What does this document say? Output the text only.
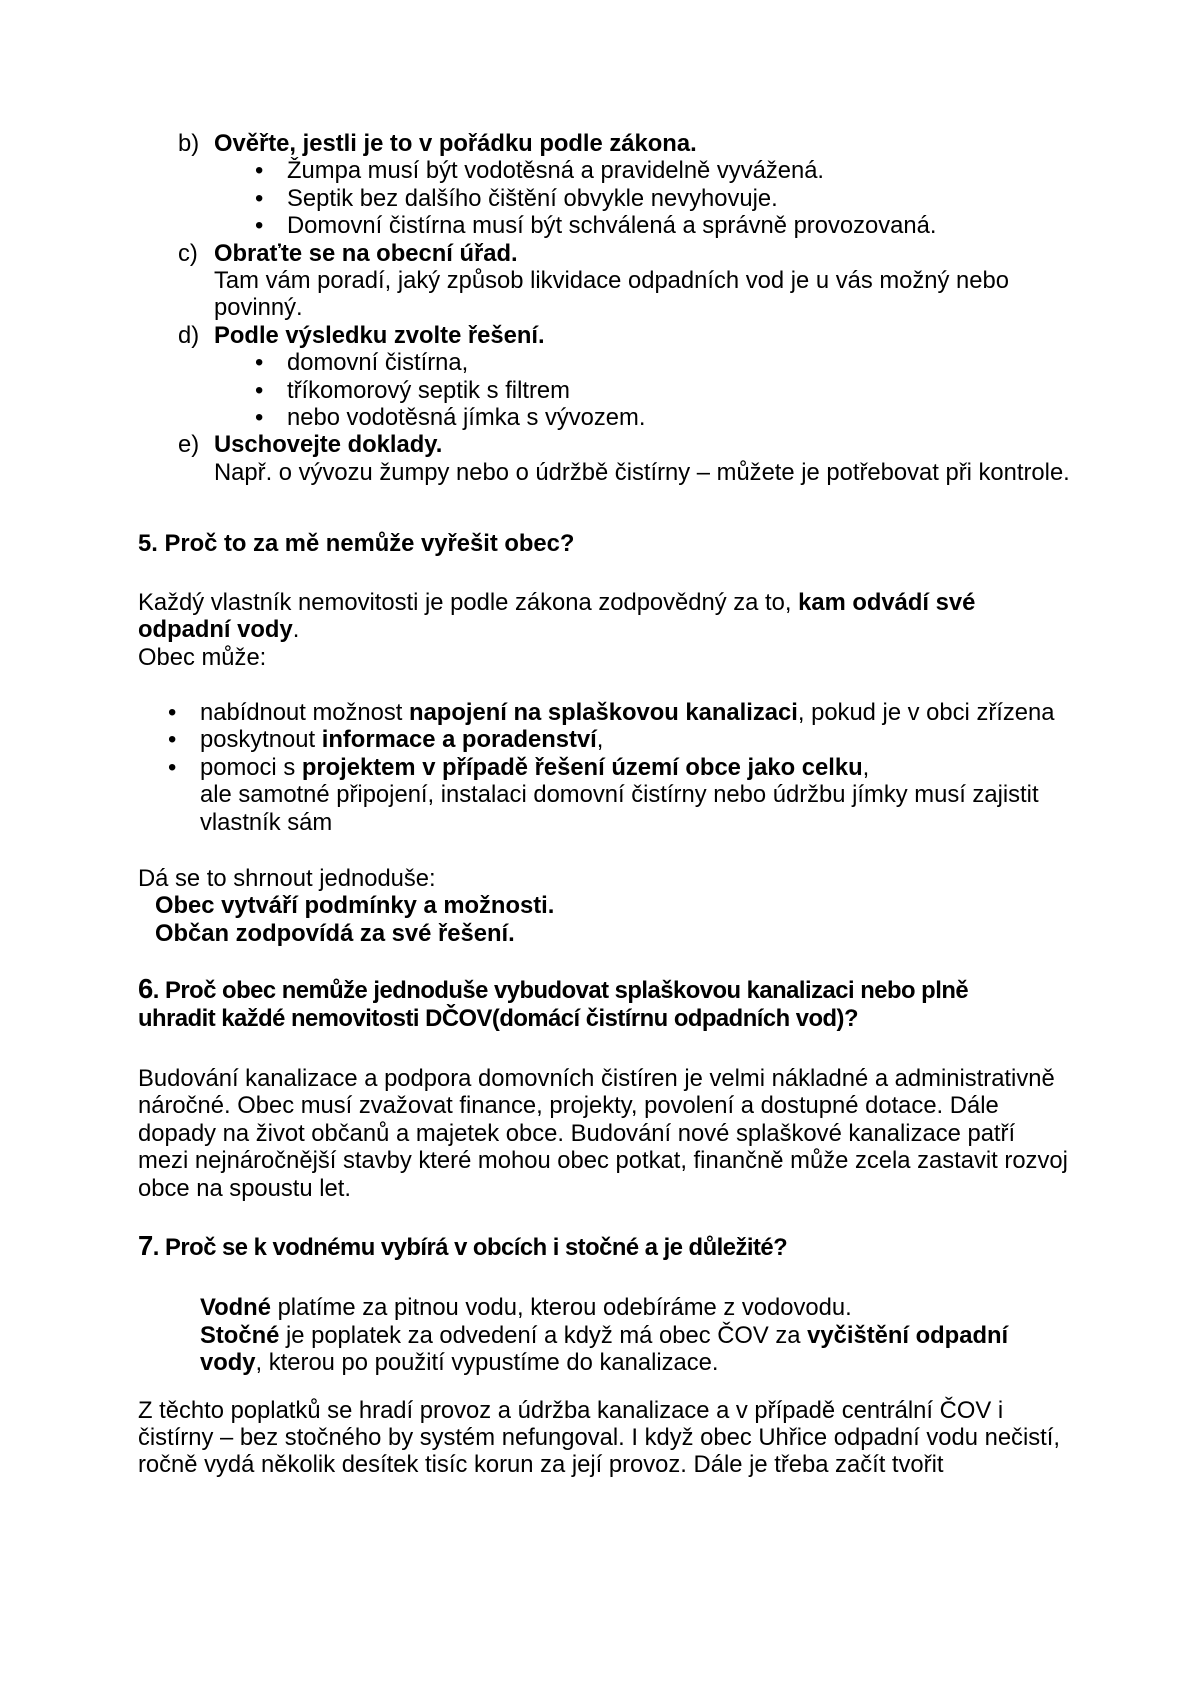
b) Ověřte, jestli je to v pořádku podle zákona.
• Žumpa musí být vodotěsná a pravidelně vyvážená.
• Septik bez dalšího čištění obvykle nevyhovuje.
• Domovní čistírna musí být schválená a správně provozovaná.
c) Obraťte se na obecní úřad.
Tam vám poradí, jaký způsob likvidace odpadních vod je u vás možný nebo povinný.
d) Podle výsledku zvolte řešení.
• domovní čistírna,
• tříkomorový septik s filtrem
• nebo vodotěsná jímka s vývozem.
e) Uschovejte doklady.
Např. o vývozu žumpy nebo o údržbě čistírny – můžete je potřebovat při kontrole.
5. Proč to za mě nemůže vyřešit obec?
Každý vlastník nemovitosti je podle zákona zodpovědný za to, kam odvádí své odpadní vody.
Obec může:
• nabídnout možnost napojení na splaškovou kanalizaci, pokud je v obci zřízena
• poskytnout informace a poradenství,
• pomoci s projektem v případě řešení území obce jako celku,
ale samotné připojení, instalaci domovní čistírny nebo údržbu jímky musí zajistit vlastník sám
Dá se to shrnout jednoduše:
Obec vytváří podmínky a možnosti.
Občan zodpovídá za své řešení.
6. Proč obec nemůže jednoduše vybudovat splaškovou kanalizaci nebo plně
uhradit každé nemovitosti DČOV(domácí čistírnu odpadních vod)?
Budování kanalizace a podpora domovních čistíren je velmi nákladné a administrativně náročné. Obec musí zvažovat finance, projekty, povolení a dostupné dotace. Dále dopady na život občanů a majetek obce. Budování nové splaškové kanalizace patří mezi nejnáročnější stavby které mohou obec potkat, finančně může zcela zastavit rozvoj obce na spoustu let.
7. Proč se k vodnému vybírá v obcích i stočné a je důležité?
Vodné platíme za pitnou vodu, kterou odebíráme z vodovodu.
Stočné je poplatek za odvedení a když má obec ČOV za vyčištění odpadní vody, kterou po použití vypustíme do kanalizace.
Z těchto poplatků se hradí provoz a údržba kanalizace a v případě centrální ČOV i čistírny – bez stočného by systém nefungoval. I když obec Uhřice odpadní vodu nečistí, ročně vydá několik desítek tisíc korun za její provoz. Dále je třeba začít tvořit
